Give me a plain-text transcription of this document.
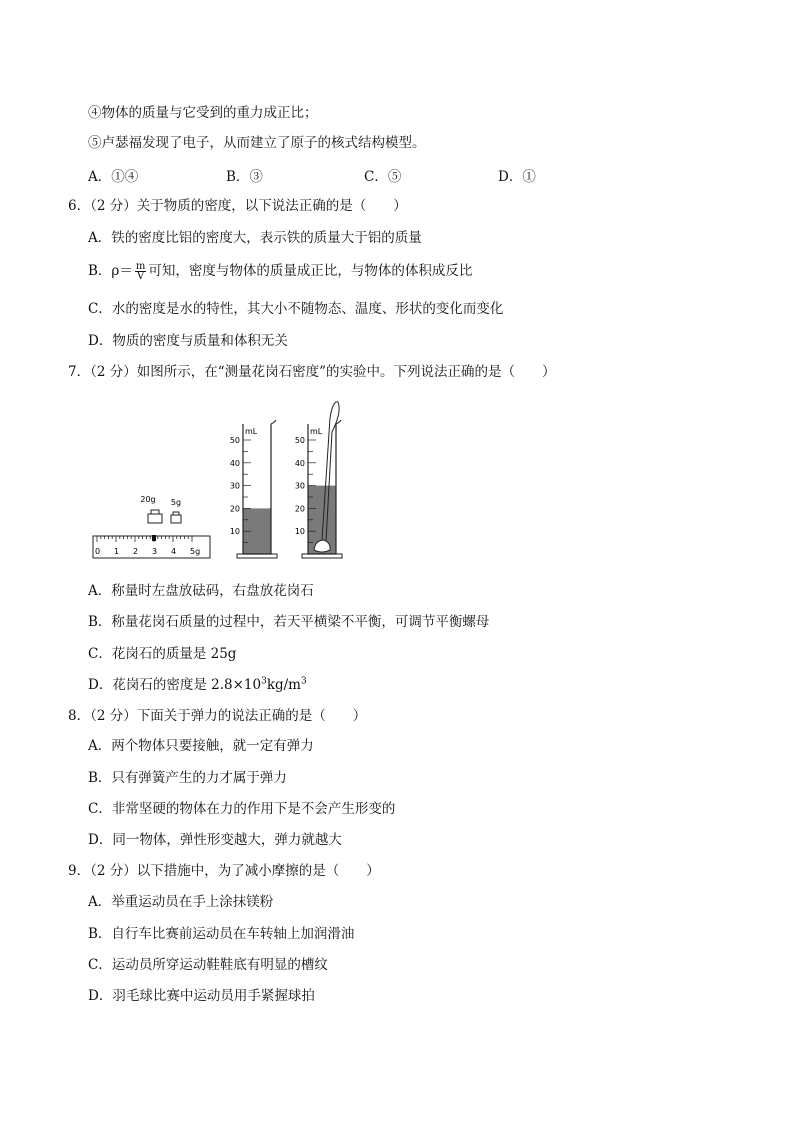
④物体的质量与它受到的重力成正比；
⑤卢瑟福发现了电子，从而建立了原子的核式结构模型。
A．①④	B．③	C．⑤	D．①
6．（2 分）关于物质的密度，以下说法正确的是（　　）
A．铁的密度比铝的密度大，表示铁的质量大于铝的质量
B．$\rho= \frac{m}{V}$ 可知，密度与物体的质量成正比，与物体的体积成反比
C．水的密度是水的特性，其大小不随物态、温度、形状的变化而变化
D．物质的密度与质量和体积无关
7．（2 分）如图所示，在“测量花岗石密度”的实验中。下列说法正确的是（　　）
20g 5g
0 1 2 3 4 5g
mL
50
40
30
20
10
mL
50
40
30
20
10
A．称量时左盘放砝码，右盘放花岗石
B．称量花岗石质量的过程中，若天平横梁不平衡，可调节平衡螺母
C．花岗石的质量是 25g
D．花岗石的密度是 $2.8\times 10^3kg/m^3$
8．（2 分）下面关于弹力的说法正确的是（　　）
A．两个物体只要接触，就一定有弹力
B．只有弹簧产生的力才属于弹力
C．非常坚硬的物体在力的作用下是不会产生形变的
D．同一物体，弹性形变越大，弹力就越大
9．（2 分）以下措施中，为了减小摩擦的是（　　）
A．举重运动员在手上涂抹镁粉
B．自行车比赛前运动员在车转轴上加润滑油
C．运动员所穿运动鞋鞋底有明显的槽纹
D．羽毛球比赛中运动员用手紧握球拍
